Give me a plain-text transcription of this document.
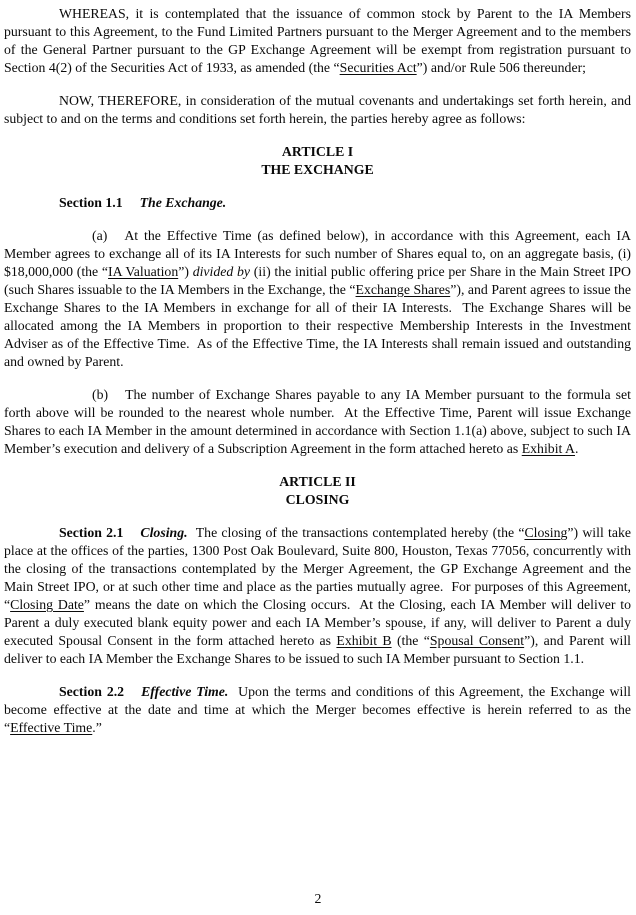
WHEREAS, it is contemplated that the issuance of common stock by Parent to the IA Members pursuant to this Agreement, to the Fund Limited Partners pursuant to the Merger Agreement and to the members of the General Partner pursuant to the GP Exchange Agreement will be exempt from registration pursuant to Section 4(2) of the Securities Act of 1933, as amended (the “Securities Act”) and/or Rule 506 thereunder;

NOW, THEREFORE, in consideration of the mutual covenants and undertakings set forth herein, and subject to and on the terms and conditions set forth herein, the parties hereby agree as follows:

ARTICLE I

THE EXCHANGE

Section 1.1 The Exchange.

(a) At the Effective Time (as defined below), in accordance with this Agreement, each IA Member agrees to exchange all of its IA Interests for such number of Shares equal to, on an aggregate basis, (i) $18,000,000 (the “IA Valuation”) divided by (ii) the initial public offering price per Share in the Main Street IPO (such Shares issuable to the IA Members in the Exchange, the “Exchange Shares”), and Parent agrees to issue the Exchange Shares to the IA Members in exchange for all of their IA Interests.  The Exchange Shares will be allocated among the IA Members in proportion to their respective Membership Interests in the Investment Adviser as of the Effective Time.  As of the Effective Time, the IA Interests shall remain issued and outstanding and owned by Parent.

(b) The number of Exchange Shares payable to any IA Member pursuant to the formula set forth above will be rounded to the nearest whole number.  At the Effective Time, Parent will issue Exchange Shares to each IA Member in the amount determined in accordance with Section 1.1(a) above, subject to such IA Member’s execution and delivery of a Subscription Agreement in the form attached hereto as Exhibit A.

ARTICLE II

CLOSING

Section 2.1 Closing.  The closing of the transactions contemplated hereby (the “Closing”) will take place at the offices of the parties, 1300 Post Oak Boulevard, Suite 800, Houston, Texas 77056, concurrently with the closing of the transactions contemplated by the Merger Agreement, the GP Exchange Agreement and the Main Street IPO, or at such other time and place as the parties mutually agree.  For purposes of this Agreement, “Closing Date” means the date on which the Closing occurs.  At the Closing, each IA Member will deliver to Parent a duly executed blank equity power and each IA Member’s spouse, if any, will deliver to Parent a duly executed Spousal Consent in the form attached hereto as Exhibit B (the “Spousal Consent”), and Parent will deliver to each IA Member the Exchange Shares to be issued to such IA Member pursuant to Section 1.1.

Section 2.2 Effective Time.  Upon the terms and conditions of this Agreement, the Exchange will become effective at the date and time at which the Merger becomes effective is herein referred to as the “Effective Time.”

2
